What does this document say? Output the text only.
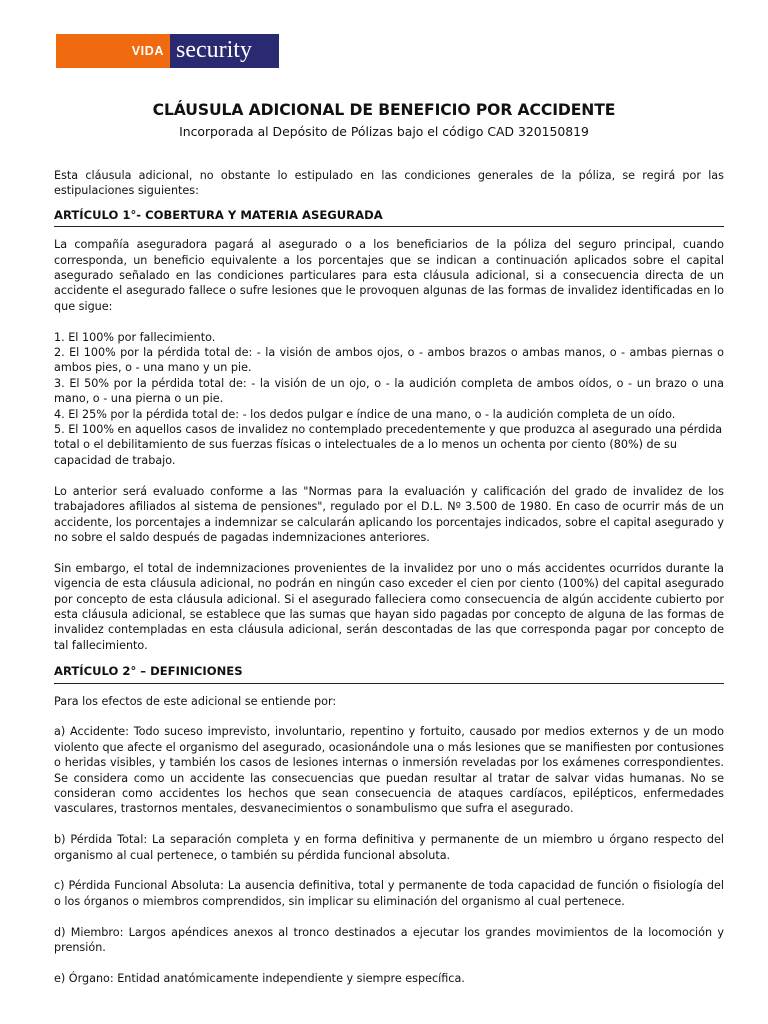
VIDA security
CLÁUSULA ADICIONAL DE BENEFICIO POR ACCIDENTE
Incorporada al Depósito de Pólizas bajo el código CAD 320150819

Esta cláusula adicional, no obstante lo estipulado en las condiciones generales de la póliza, se regirá por las estipulaciones siguientes:

ARTÍCULO 1°- COBERTURA Y MATERIA ASEGURADA

La compañía aseguradora pagará al asegurado o a los beneficiarios de la póliza del seguro principal, cuando corresponda, un beneficio equivalente a los porcentajes que se indican a continuación aplicados sobre el capital asegurado señalado en las condiciones particulares para esta cláusula adicional, si a consecuencia directa de un accidente el asegurado fallece o sufre lesiones que le provoquen algunas de las formas de invalidez identificadas en lo que sigue:

1. El 100% por fallecimiento.

2. El 100% por la pérdida total de: - la visión de ambos ojos, o - ambos brazos o ambas manos, o - ambas piernas o ambos pies, o - una mano y un pie.

3. El 50% por la pérdida total de: - la visión de un ojo, o - la audición completa de ambos oídos, o - un brazo o una mano, o - una pierna o un pie.

4. El 25% por la pérdida total de: - los dedos pulgar e índice de una mano, o - la audición completa de un oído.

5. El 100% en aquellos casos de invalidez no contemplado precedentemente y que produzca al asegurado una pérdida total o el debilitamiento de sus fuerzas físicas o intelectuales de a lo menos un ochenta por ciento (80%) de su capacidad de trabajo.

Lo anterior será evaluado conforme a las "Normas para la evaluación y calificación del grado de invalidez de los trabajadores afiliados al sistema de pensiones", regulado por el D.L. Nº 3.500 de 1980. En caso de ocurrir más de un accidente, los porcentajes a indemnizar se calcularán aplicando los porcentajes indicados, sobre el capital asegurado y no sobre el saldo después de pagadas indemnizaciones anteriores.

Sin embargo, el total de indemnizaciones provenientes de la invalidez por uno o más accidentes ocurridos durante la vigencia de esta cláusula adicional, no podrán en ningún caso exceder el cien por ciento (100%) del capital asegurado por concepto de esta cláusula adicional. Si el asegurado falleciera como consecuencia de algún accidente cubierto por esta cláusula adicional, se establece que las sumas que hayan sido pagadas por concepto de alguna de las formas de invalidez contempladas en esta cláusula adicional, serán descontadas de las que corresponda pagar por concepto de tal fallecimiento.

ARTÍCULO 2° – DEFINICIONES

Para los efectos de este adicional se entiende por:

a) Accidente: Todo suceso imprevisto, involuntario, repentino y fortuito, causado por medios externos y de un modo violento que afecte el organismo del asegurado, ocasionándole una o más lesiones que se manifiesten por contusiones o heridas visibles, y también los casos de lesiones internas o inmersión reveladas por los exámenes correspondientes. Se considera como un accidente las consecuencias que puedan resultar al tratar de salvar vidas humanas. No se consideran como accidentes los hechos que sean consecuencia de ataques cardíacos, epilépticos, enfermedades vasculares, trastornos mentales, desvanecimientos o sonambulismo que sufra el asegurado.

b) Pérdida Total: La separación completa y en forma definitiva y permanente de un miembro u órgano respecto del organismo al cual pertenece, o también su pérdida funcional absoluta.

c) Pérdida Funcional Absoluta: La ausencia definitiva, total y permanente de toda capacidad de función o fisiología del o los órganos o miembros comprendidos, sin implicar su eliminación del organismo al cual pertenece.

d) Miembro: Largos apéndices anexos al tronco destinados a ejecutar los grandes movimientos de la locomoción y prensión.

e) Órgano: Entidad anatómicamente independiente y siempre específica.
